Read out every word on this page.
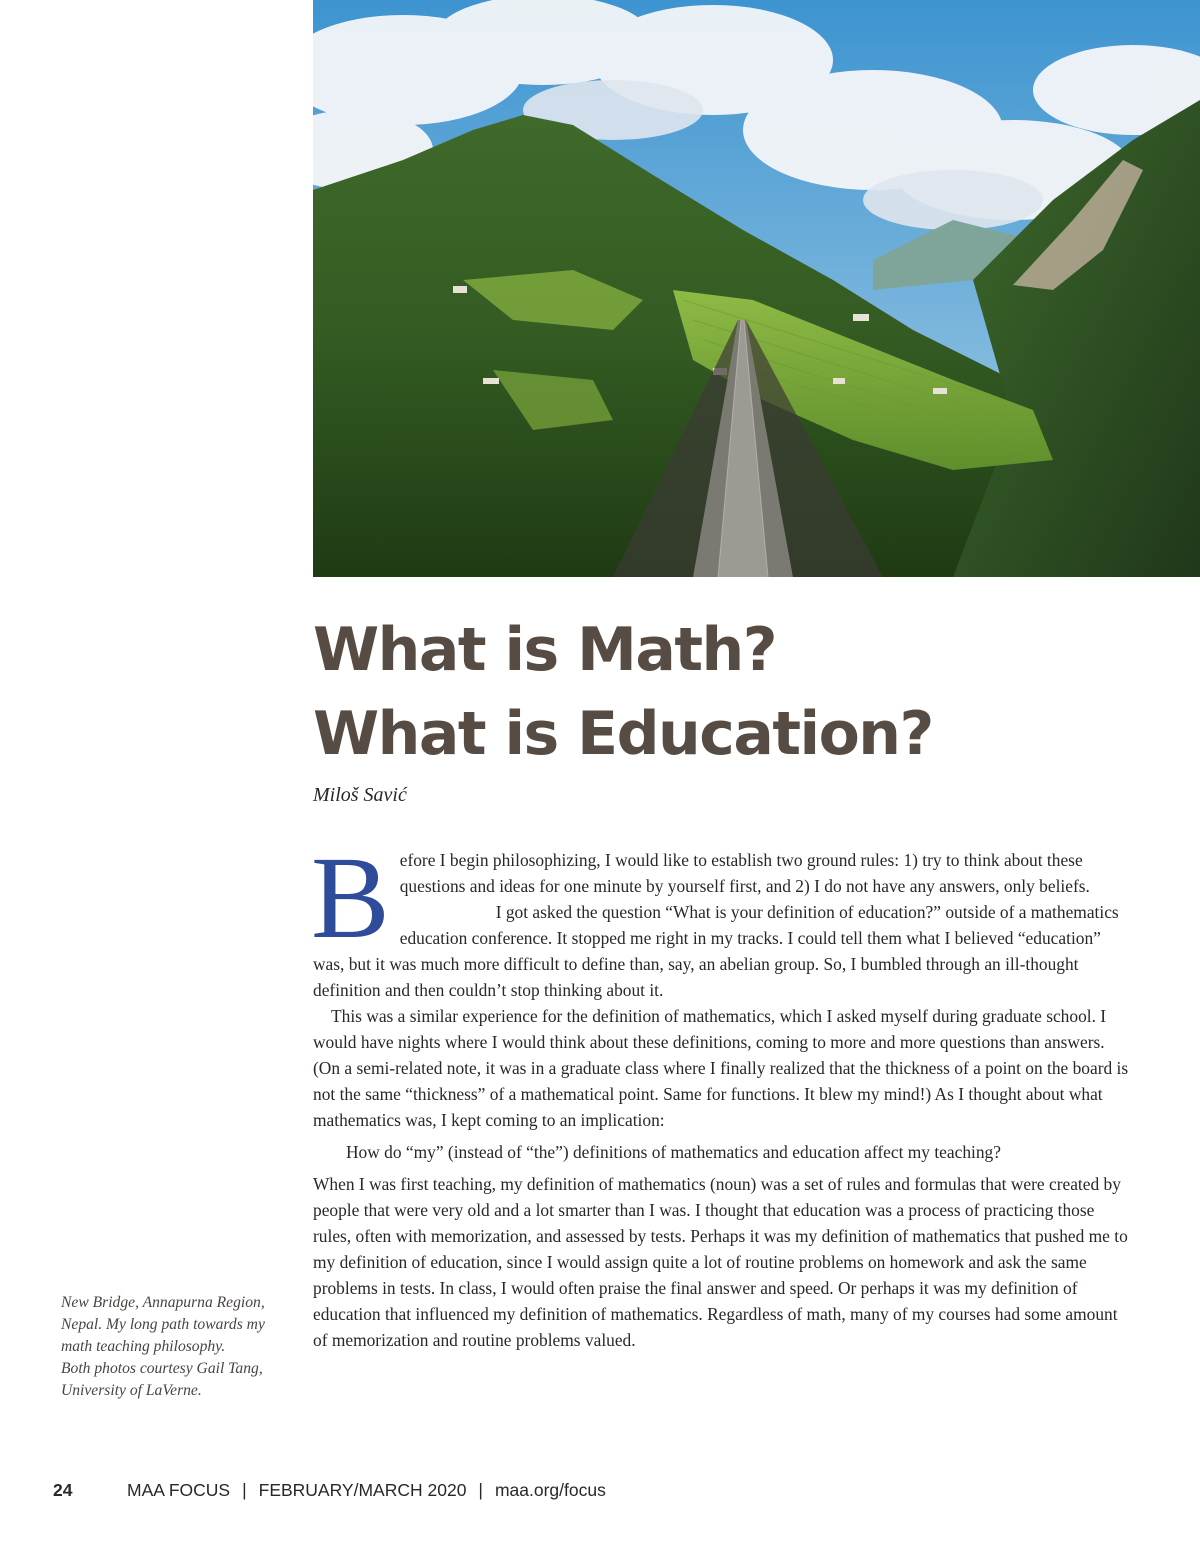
What is Math?
What is Education?
Miloš Savić

Before I begin philosophizing, I would like to establish two ground rules: 1) try to think about these questions and ideas for one minute by yourself first, and 2) I do not have any answers, only beliefs.

I got asked the question “What is your definition of education?” outside of a mathematics education conference. It stopped me right in my tracks. I could tell them what I believed “education” was, but it was much more difficult to define than, say, an abelian group. So, I bumbled through an ill-thought definition and then couldn’t stop thinking about it.

This was a similar experience for the definition of mathematics, which I asked myself during graduate school. I would have nights where I would think about these definitions, coming to more and more questions than answers. (On a semi-related note, it was in a graduate class where I finally realized that the thickness of a point on the board is not the same “thickness” of a mathematical point. Same for functions. It blew my mind!) As I thought about what mathematics was, I kept coming to an implication:

How do “my” (instead of “the”) definitions of mathematics and education affect my teaching?

When I was first teaching, my definition of mathematics (noun) was a set of rules and formulas that were created by people that were very old and a lot smarter than I was. I thought that education was a process of practicing those rules, often with memorization, and assessed by tests. Perhaps it was my definition of mathematics that pushed me to my definition of education, since I would assign quite a lot of routine problems on homework and ask the same problems in tests. In class, I would often praise the final answer and speed. Or perhaps it was my definition of education that influenced my definition of mathematics. Regardless of math, many of my courses had some amount of memorization and routine problems valued.

New Bridge, Annapurna Region, Nepal. My long path towards my math teaching philosophy.
Both photos courtesy Gail Tang, University of LaVerne.
24	MAA FOCUS | FEBRUARY/MARCH 2020 | maa.org/focus
